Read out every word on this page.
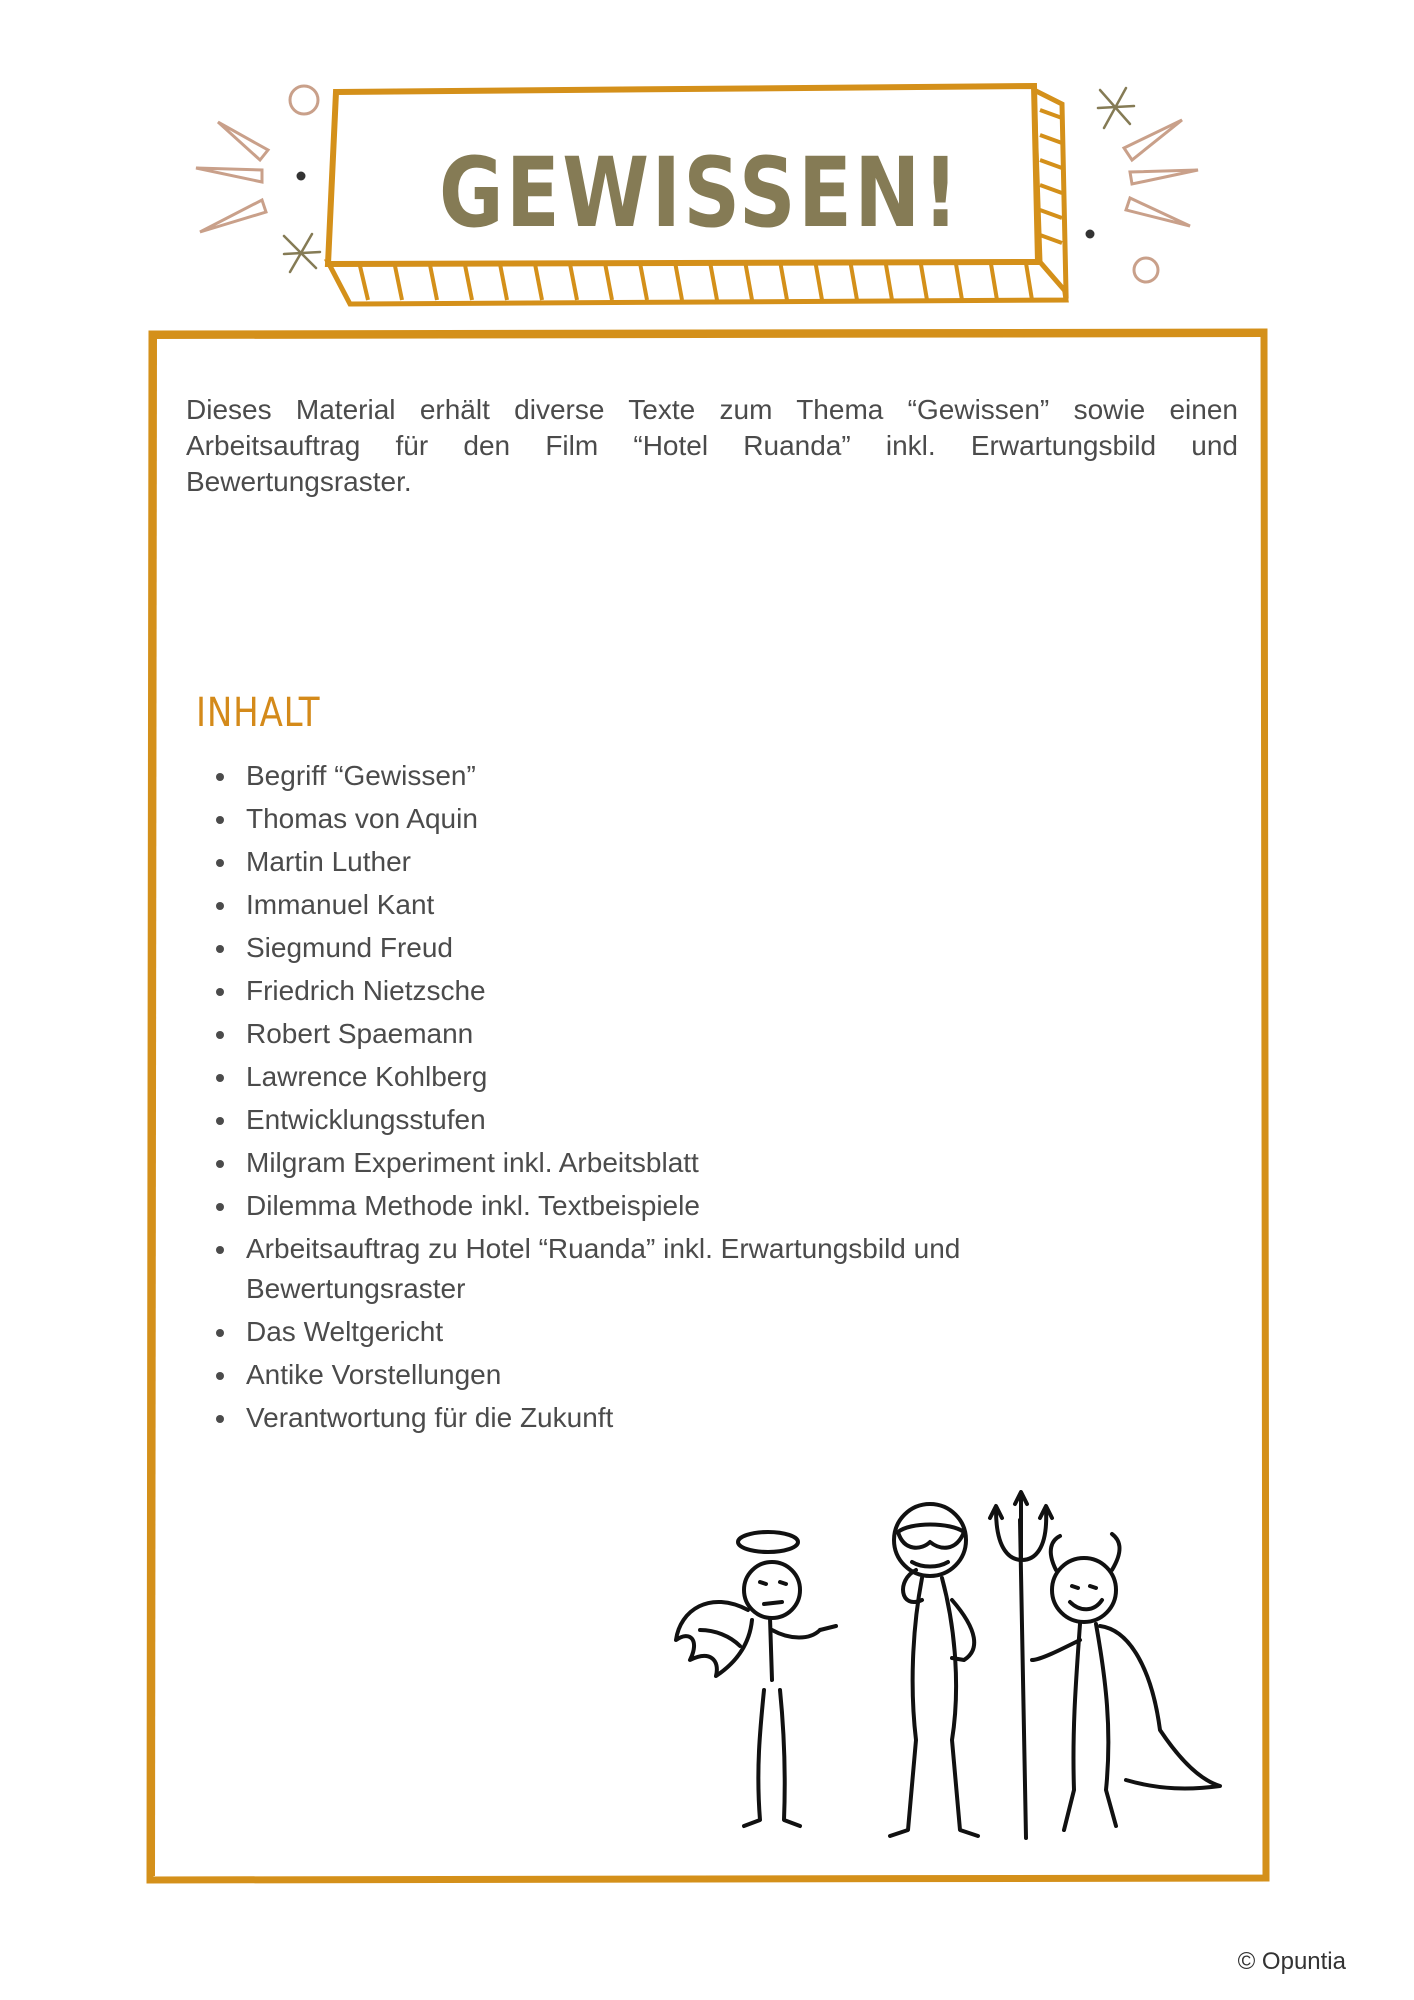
GEWISSEN!

Dieses Material erhält diverse Texte zum Thema “Gewissen” sowie einen Arbeitsauftrag für den Film “Hotel Ruanda” inkl. Erwartungsbild und Bewertungsraster.

INHALT
Begriff “Gewissen”
Thomas von Aquin
Martin Luther
Immanuel Kant
Siegmund Freud
Friedrich Nietzsche
Robert Spaemann
Lawrence Kohlberg
Entwicklungsstufen
Milgram Experiment inkl. Arbeitsblatt
Dilemma Methode inkl. Textbeispiele
Arbeitsauftrag zu Hotel “Ruanda” inkl. Erwartungsbild und Bewertungsraster
Das Weltgericht
Antike Vorstellungen
Verantwortung für die Zukunft
© Opuntia
